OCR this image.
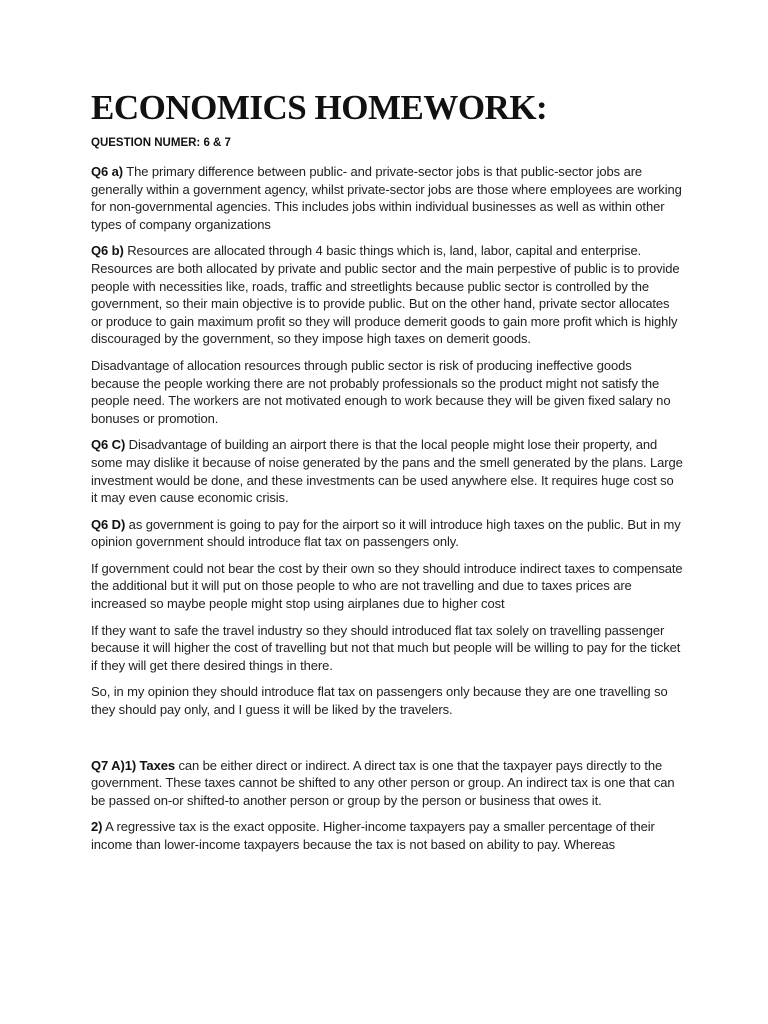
ECONOMICS HOMEWORK:
QUESTION NUMER: 6 & 7

Q6 a) The primary difference between public- and private-sector jobs is that public-sector jobs are generally within a government agency, whilst private-sector jobs are those where employees are working for non-governmental agencies. This includes jobs within individual businesses as well as within other types of company organizations

Q6 b) Resources are allocated through 4 basic things which is, land, labor, capital and enterprise. Resources are both allocated by private and public sector and the main perpestive of public is to provide people with necessities like, roads, traffic and streetlights because public sector is controlled by the government, so their main objective is to provide public. But on the other hand, private sector allocates or produce to gain maximum profit so they will produce demerit goods to gain more profit which is highly discouraged by the government, so they impose high taxes on demerit goods.

Disadvantage of allocation resources through public sector is risk of producing ineffective goods because the people working there are not probably professionals so the product might not satisfy the people need. The workers are not motivated enough to work because they will be given fixed salary no bonuses or promotion.

Q6 C) Disadvantage of building an airport there is that the local people might lose their property, and some may dislike it because of noise generated by the pans and the smell generated by the plans. Large investment would be done, and these investments can be used anywhere else. It requires huge cost so it may even cause economic crisis.

Q6 D) as government is going to pay for the airport so it will introduce high taxes on the public. But in my opinion government should introduce flat tax on passengers only.

If government could not bear the cost by their own so they should introduce indirect taxes to compensate the additional but it will put on those people to who are not travelling and due to taxes prices are increased so maybe people might stop using airplanes due to higher cost

If they want to safe the travel industry so they should introduced flat tax solely on travelling passenger because it will higher the cost of travelling but not that much but people will be willing to pay for the ticket if they will get there desired things in there.

So, in my opinion they should introduce flat tax on passengers only because they are one travelling so they should pay only, and I guess it will be liked by the travelers.

Q7 A)1) Taxes can be either direct or indirect. A direct tax is one that the taxpayer pays directly to the government. These taxes cannot be shifted to any other person or group. An indirect tax is one that can be passed on-or shifted-to another person or group by the person or business that owes it.

2) A regressive tax is the exact opposite. Higher-income taxpayers pay a smaller percentage of their income than lower-income taxpayers because the tax is not based on ability to pay. Whereas
